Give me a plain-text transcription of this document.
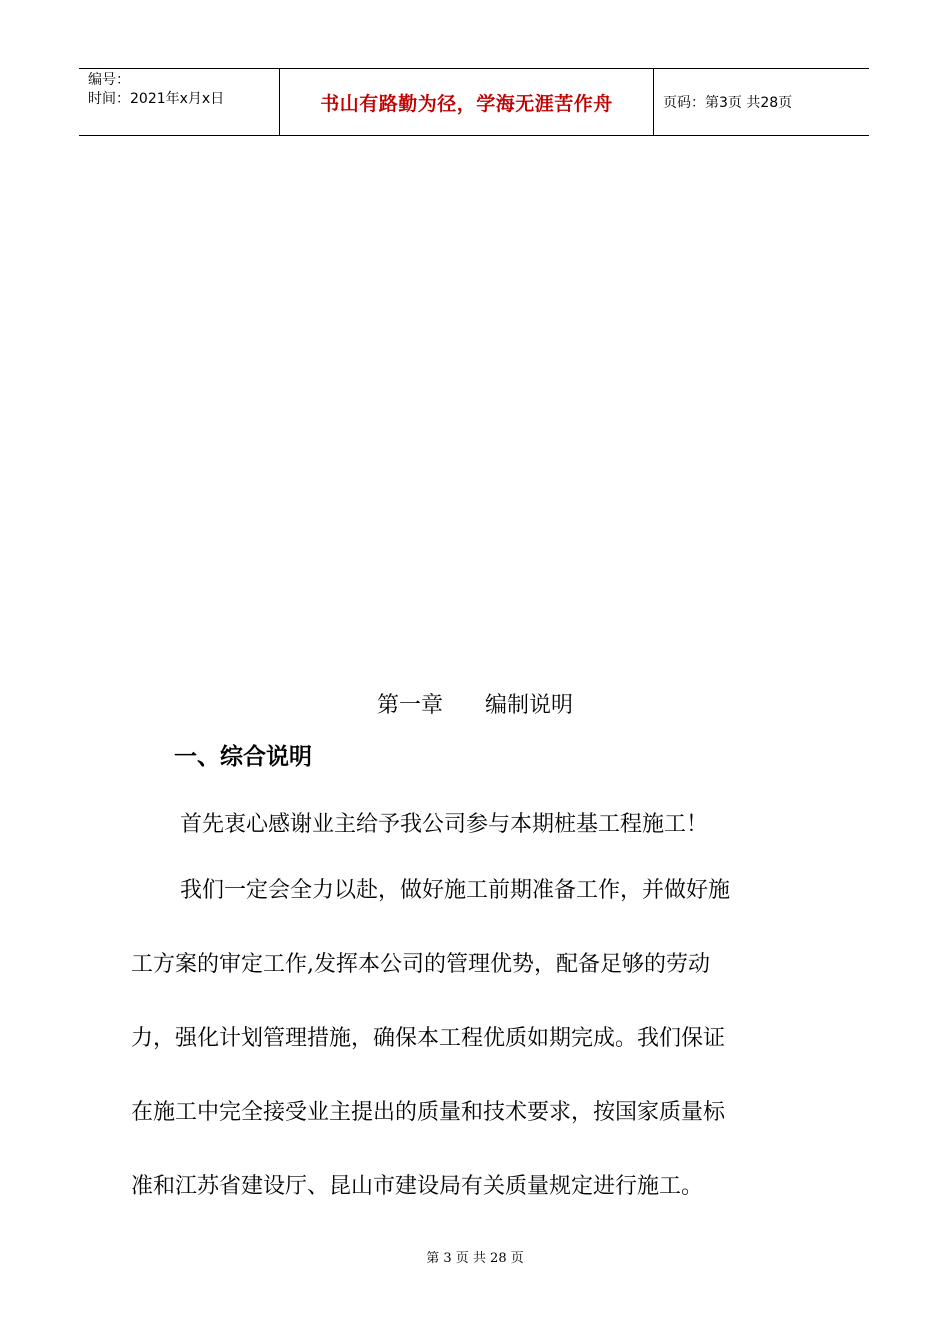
编号：
时间：2021年x月x日	书山有路勤为径，学海无涯苦作舟	页码：第3页 共28页
第一章      编制说明
一、综合说明
首先衷心感谢业主给予我公司参与本期桩基工程施工！
我们一定会全力以赴，做好施工前期准备工作，并做好施
工方案的审定工作,发挥本公司的管理优势，配备足够的劳动
力，强化计划管理措施，确保本工程优质如期完成。我们保证
在施工中完全接受业主提出的质量和技术要求，按国家质量标
准和江苏省建设厅、昆山市建设局有关质量规定进行施工。
第 3 页 共 28 页
